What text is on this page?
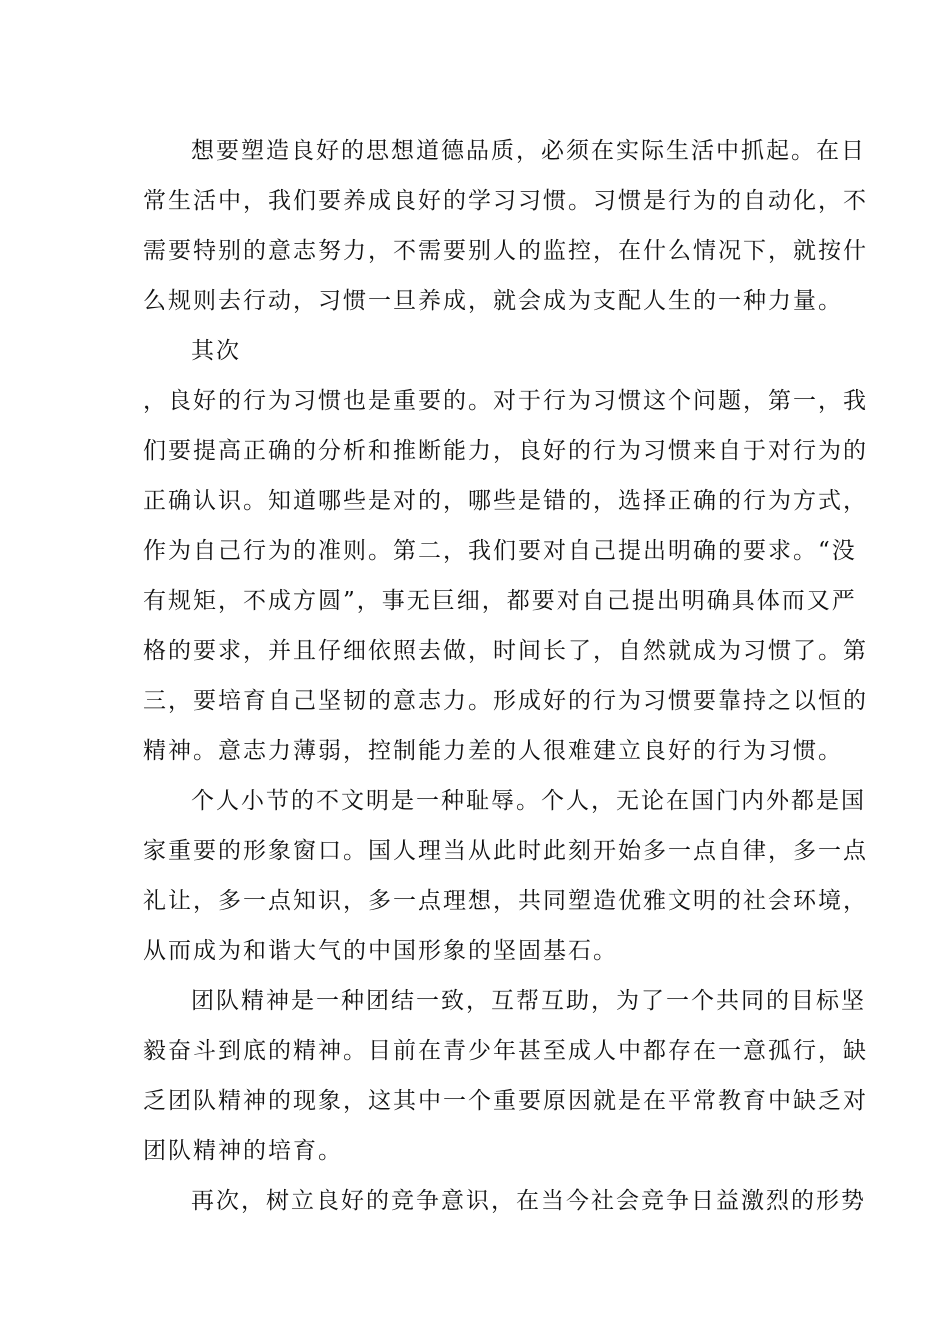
想要塑造良好的思想道德品质，必须在实际生活中抓起。在日
常生活中，我们要养成良好的学习习惯。习惯是行为的自动化，不
需要特别的意志努力，不需要别人的监控，在什么情况下，就按什
么规则去行动，习惯一旦养成，就会成为支配人生的一种力量。
其次
，良好的行为习惯也是重要的。对于行为习惯这个问题，第一，我
们要提高正确的分析和推断能力，良好的行为习惯来自于对行为的
正确认识。知道哪些是对的，哪些是错的，选择正确的行为方式，
作为自己行为的准则。第二，我们要对自己提出明确的要求。“没
有规矩，不成方圆”，事无巨细，都要对自己提出明确具体而又严
格的要求，并且仔细依照去做，时间长了，自然就成为习惯了。第
三，要培育自己坚韧的意志力。形成好的行为习惯要靠持之以恒的
精神。意志力薄弱，控制能力差的人很难建立良好的行为习惯。
个人小节的不文明是一种耻辱。个人，无论在国门内外都是国
家重要的形象窗口。国人理当从此时此刻开始多一点自律，多一点
礼让，多一点知识，多一点理想，共同塑造优雅文明的社会环境，
从而成为和谐大气的中国形象的坚固基石。
团队精神是一种团结一致，互帮互助，为了一个共同的目标坚
毅奋斗到底的精神。目前在青少年甚至成人中都存在一意孤行，缺
乏团队精神的现象，这其中一个重要原因就是在平常教育中缺乏对
团队精神的培育。
再次，树立良好的竞争意识，在当今社会竞争日益激烈的形势
